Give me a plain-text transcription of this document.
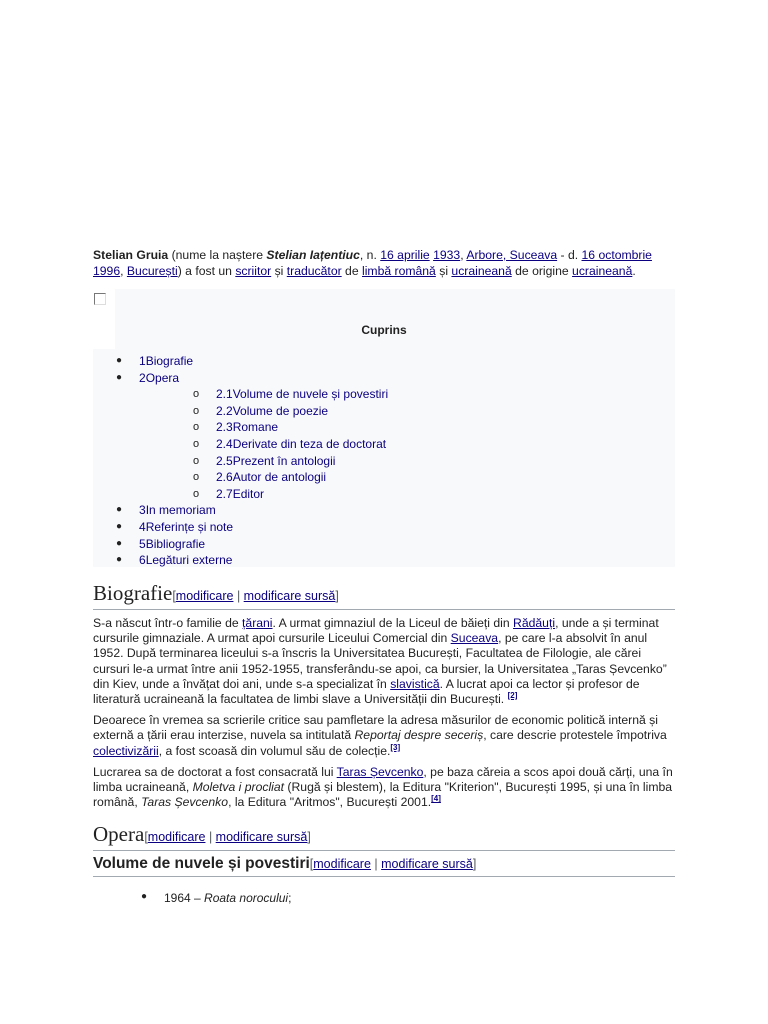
Stelian Gruia (nume la naștere Stelian Iațentiuc, n. 16 aprilie 1933, Arbore, Suceava - d. 16 octombrie 1996, București) a fost un scriitor și traducător de limbă română și ucraineană de origine ucraineană.

Cuprins
● 1Biografie
● 2Opera
o 2.1Volume de nuvele și povestiri
o 2.2Volume de poezie
o 2.3Romane
o 2.4Derivate din teza de doctorat
o 2.5Prezent în antologii
o 2.6Autor de antologii
o 2.7Editor
● 3In memoriam
● 4Referințe și note
● 5Bibliografie
● 6Legături externe
Biografie[modificare | modificare sursă]

S-a născut într-o familie de țărani. A urmat gimnaziul de la Liceul de băieți din Rădăuți, unde a și terminat cursurile gimnaziale. A urmat apoi cursurile Liceului Comercial din Suceava, pe care l-a absolvit în anul 1952. După terminarea liceului s-a înscris la Universitatea București, Facultatea de Filologie, ale cărei cursuri le-a urmat între anii 1952-1955, transferându-se apoi, ca bursier, la Universitatea „Taras Șevcenko” din Kiev, unde a învățat doi ani, unde s-a specializat în slavistică. A lucrat apoi ca lector și profesor de literatură ucraineană la facultatea de limbi slave a Universității din București. [2]

Deoarece în vremea sa scrierile critice sau pamfletare la adresa măsurilor de economic politică internă și externă a țării erau interzise, nuvela sa intitulată Reportaj despre seceriș, care descrie protestele împotriva colectivizării, a fost scoasă din volumul său de colecție.[3]

Lucrarea sa de doctorat a fost consacrată lui Taras Șevcenko, pe baza căreia a scos apoi două cărți, una în limba ucraineană, Moletva i procliat (Rugă și blestem), la Editura "Kriterion", București 1995, și una în limba română, Taras Șevcenko, la Editura "Aritmos", București 2001.[4]

Opera[modificare | modificare sursă]
Volume de nuvele și povestiri[modificare | modificare sursă]
● 1964 – Roata norocului;
